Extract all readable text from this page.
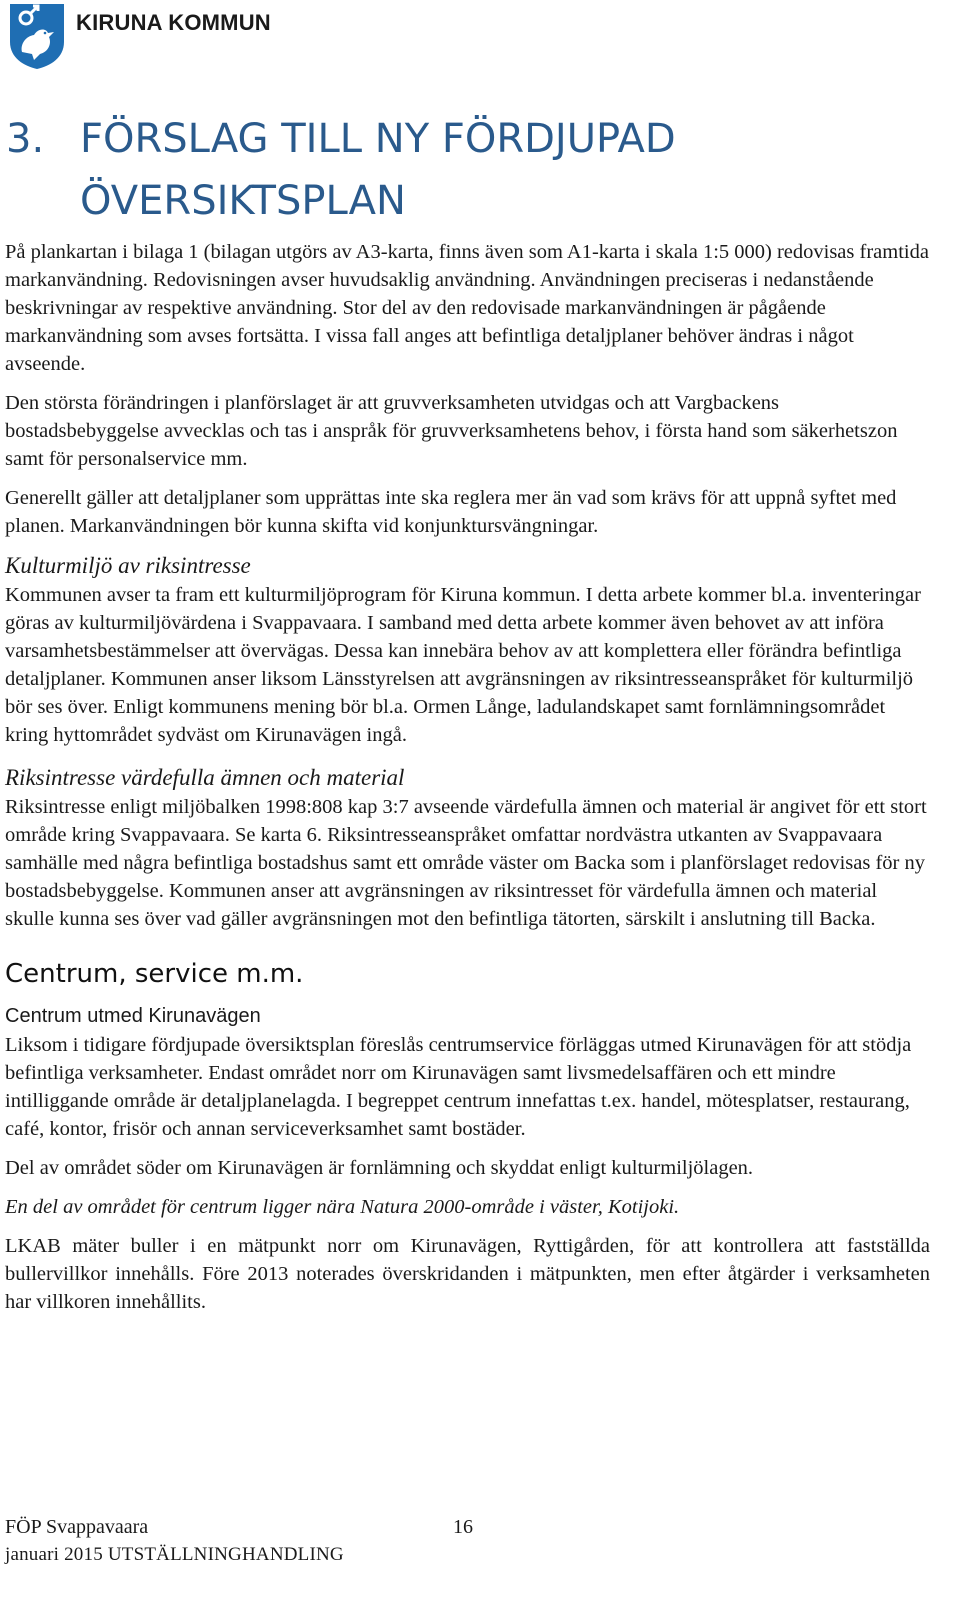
KIRUNA KOMMUN
3. FÖRSLAG TILL NY FÖRDJUPAD ÖVERSIKTSPLAN

På plankartan i bilaga 1 (bilagan utgörs av A3-karta, finns även som A1-karta i skala 1:5 000) redovisas framtida markanvändning. Redovisningen avser huvudsaklig användning. Användningen preciseras i nedanstående beskrivningar av respektive användning. Stor del av den redovisade markanvändningen är pågående markanvändning som avses fortsätta. I vissa fall anges att befintliga detaljplaner behöver ändras i något avseende.

Den största förändringen i planförslaget är att gruvverksamheten utvidgas och att Vargbackens bostadsbebyggelse avvecklas och tas i anspråk för gruvverksamhetens behov, i första hand som säkerhetszon samt för personalservice mm.

Generellt gäller att detaljplaner som upprättas inte ska reglera mer än vad som krävs för att uppnå syftet med planen. Markanvändningen bör kunna skifta vid konjunktursvängningar.

Kulturmiljö av riksintresse

Kommunen avser ta fram ett kulturmiljöprogram för Kiruna kommun. I detta arbete kommer bl.a. inventeringar göras av kulturmiljövärdena i Svappavaara. I samband med detta arbete kommer även behovet av att införa varsamhetsbestämmelser att övervägas. Dessa kan innebära behov av att komplettera eller förändra befintliga detaljplaner. Kommunen anser liksom Länsstyrelsen att avgränsningen av riksintresseanspråket för kulturmiljö bör ses över. Enligt kommunens mening bör bl.a. Ormen Långe, ladulandskapet samt fornlämningsområdet kring hyttområdet sydväst om Kirunavägen ingå.

Riksintresse värdefulla ämnen och material

Riksintresse enligt miljöbalken 1998:808 kap 3:7 avseende värdefulla ämnen och material är angivet för ett stort område kring Svappavaara. Se karta 6. Riksintresseanspråket omfattar nordvästra utkanten av Svappavaara samhälle med några befintliga bostadshus samt ett område väster om Backa som i planförslaget redovisas för ny bostadsbebyggelse. Kommunen anser att avgränsningen av riksintresset för värdefulla ämnen och material skulle kunna ses över vad gäller avgränsningen mot den befintliga tätorten, särskilt i anslutning till Backa.

Centrum, service m.m.
Centrum utmed Kirunavägen

Liksom i tidigare fördjupade översiktsplan föreslås centrumservice förläggas utmed Kirunavägen för att stödja befintliga verksamheter. Endast området norr om Kirunavägen samt livsmedelsaffären och ett mindre intilliggande område är detaljplanelagda. I begreppet centrum innefattas t.ex. handel, mötesplatser, restaurang, café, kontor, frisör och annan serviceverksamhet samt bostäder.

Del av området söder om Kirunavägen är fornlämning och skyddat enligt kulturmiljölagen.

En del av området för centrum ligger nära Natura 2000-område i väster, Kotijoki.

LKAB mäter buller i en mätpunkt norr om Kirunavägen, Ryttigården, för att kontrollera att fastställda bullervillkor innehålls. Före 2013 noterades överskridanden i mätpunkten, men efter åtgärder i verksamheten har villkoren innehållits.

FÖP Svappavaara	16
januari 2015 UTSTÄLLNINGHANDLING
